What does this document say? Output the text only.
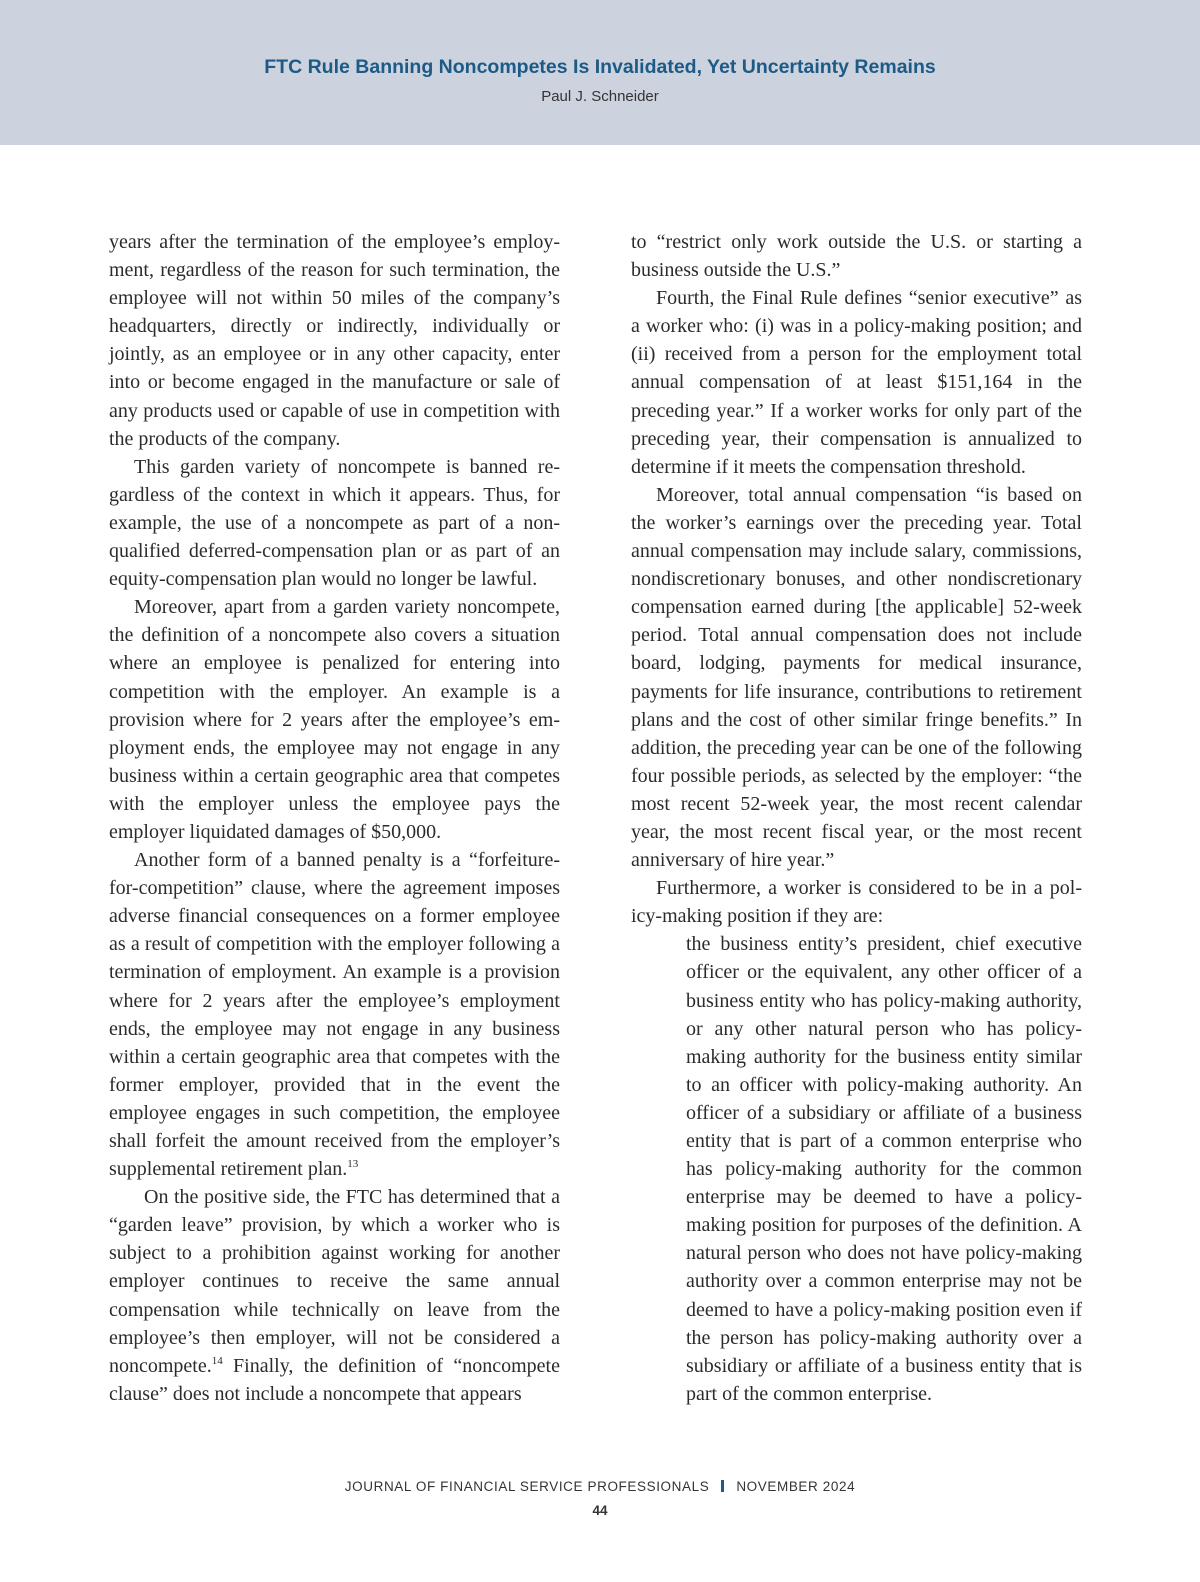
FTC Rule Banning Noncompetes Is Invalidated, Yet Uncertainty Remains
Paul J. Schneider

years after the termination of the employee’s employment, regardless of the reason for such termination, the employee will not within 50 miles of the company’s headquarters, directly or indirectly, individually or jointly, as an employee or in any other capacity, enter into or become engaged in the manufacture or sale of any products used or capable of use in competition with the products of the company.

This garden variety of noncompete is banned regardless of the context in which it appears. Thus, for example, the use of a noncompete as part of a nonqualified deferred-compensation plan or as part of an equity-compensation plan would no longer be lawful.

Moreover, apart from a garden variety noncompete, the definition of a noncompete also covers a situation where an employee is penalized for entering into competition with the employer. An example is a provision where for 2 years after the employee’s employment ends, the employee may not engage in any business within a certain geographic area that competes with the employer unless the employee pays the employer liquidated damages of $50,000.

Another form of a banned penalty is a “forfeiture-for-competition” clause, where the agreement imposes adverse financial consequences on a former employee as a result of competition with the employer following a termination of employment. An example is a provision where for 2 years after the employee’s employment ends, the employee may not engage in any business within a certain geographic area that competes with the former employer, provided that in the event the employee engages in such competition, the employee shall forfeit the amount received from the employer’s supplemental retirement plan.$^{13}$

On the positive side, the FTC has determined that a “garden leave” provision, by which a worker who is subject to a prohibition against working for another employer continues to receive the same annual compensation while technically on leave from the employee’s then employer, will not be considered a noncompete.$^{14}$ Finally, the definition of “noncompete clause” does not include a noncompete that appears

to “restrict only work outside the U.S. or starting a business outside the U.S.”

Fourth, the Final Rule defines “senior executive” as a worker who: (i) was in a policy-making position; and (ii) received from a person for the employment total annual compensation of at least $151,164 in the preceding year.” If a worker works for only part of the preceding year, their compensation is annualized to determine if it meets the compensation threshold.

Moreover, total annual compensation “is based on the worker’s earnings over the preceding year. Total annual compensation may include salary, commissions, nondiscretionary bonuses, and other nondiscretionary compensation earned during [the applicable] 52-week period. Total annual compensation does not include board, lodging, payments for medical insurance, payments for life insurance, contributions to retirement plans and the cost of other similar fringe benefits.” In addition, the preceding year can be one of the following four possible periods, as selected by the employer: “the most recent 52-week year, the most recent calendar year, the most recent fiscal year, or the most recent anniversary of hire year.”

Furthermore, a worker is considered to be in a policy-making position if they are:

the business entity’s president, chief executive officer or the equivalent, any other officer of a business entity who has policy-making authority, or any other natural person who has policy-making authority for the business entity similar to an officer with policy-making authority. An officer of a subsidiary or affiliate of a business entity that is part of a common enterprise who has policy-making authority for the common enterprise may be deemed to have a policy-making position for purposes of the definition. A natural person who does not have policy-making authority over a common enterprise may not be deemed to have a policy-making position even if the person has policy-making authority over a subsidiary or affiliate of a business entity that is part of the common enterprise.

JOURNAL OF FINANCIAL SERVICE PROFESSIONALS NOVEMBER 2024
44
